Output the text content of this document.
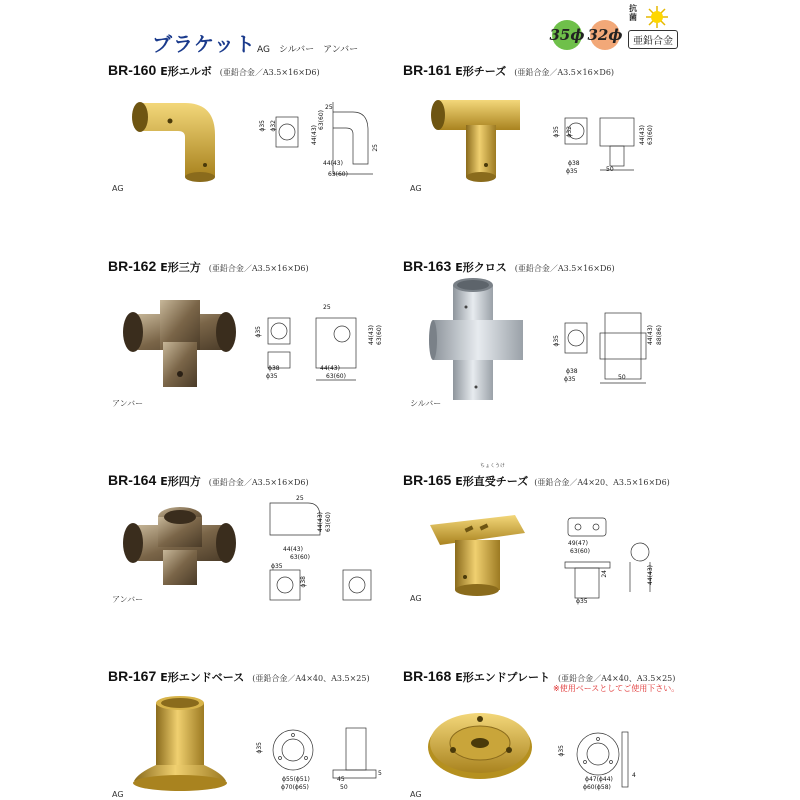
ブラケット AG　シルバー　アンバー
35ϕ 32ϕ
抗菌
亜鉛合金
BR-160 E形エルボ (亜鉛合金／A3.5×16×D6)	BR-161 E形チーズ (亜鉛合金／A3.5×16×D6)
BR-162 E形三方 (亜鉛合金／A3.5×16×D6)	BR-163 E形クロス (亜鉛合金／A3.5×16×D6)
BR-164 E形四方 (亜鉛合金／A3.5×16×D6)
ちょくうけ
BR-165 E形直受チーズ (亜鉛合金／A4×20、A3.5×16×D6)
BR-167 E形エンドベース (亜鉛合金／A4×40、A3.5×25) BR-168 E形エンドプレート (亜鉛合金／A4×40、A3.5×25)
※使用ベースとしてご使用下さい。
AG	AG
アンバー	シルバー
アンバー	AG
AG	AG
ϕ35 ϕ32
25
63(60)
44(43)
25
44(43)
63(60)
ϕ35 ϕ32
ϕ38
ϕ35	50
44(43) 63(60)
ϕ35
ϕ38
ϕ35
25
44(43)
63(60)
44(43) 63(60)	ϕ35
ϕ38
ϕ35	50
44(43) 88(86)
25
44(43) 63(60)
44(43)
63(60)
ϕ35
ϕ38
49(47)
63(60)
24
ϕ35
44(43)
ϕ35
ϕ55(ϕ51)
ϕ70(ϕ65)
45
50
5
ϕ35
ϕ47(ϕ44)
ϕ60(ϕ58)
4
